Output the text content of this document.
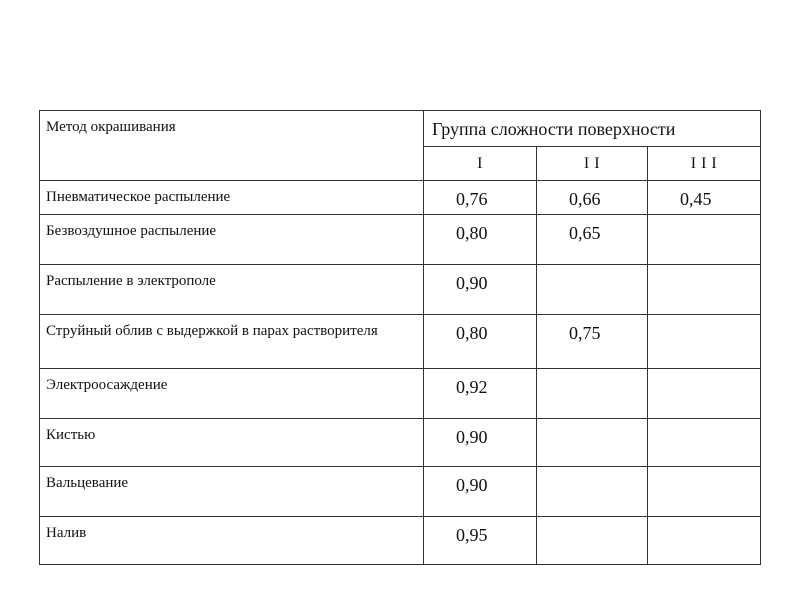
Метод окрашивания	Группа сложности поверхности		
	I	I I	I I I
Пневматическое распыление	0,76	0,66	0,45
Безвоздушное распыление	0,80	0,65	
Распыление в электрополе	0,90		
Струйный облив с выдержкой в парах растворителя	0,80	0,75	
Электроосаждение	0,92		
Кистью	0,90		
Вальцевание	0,90		
Налив	0,95		
